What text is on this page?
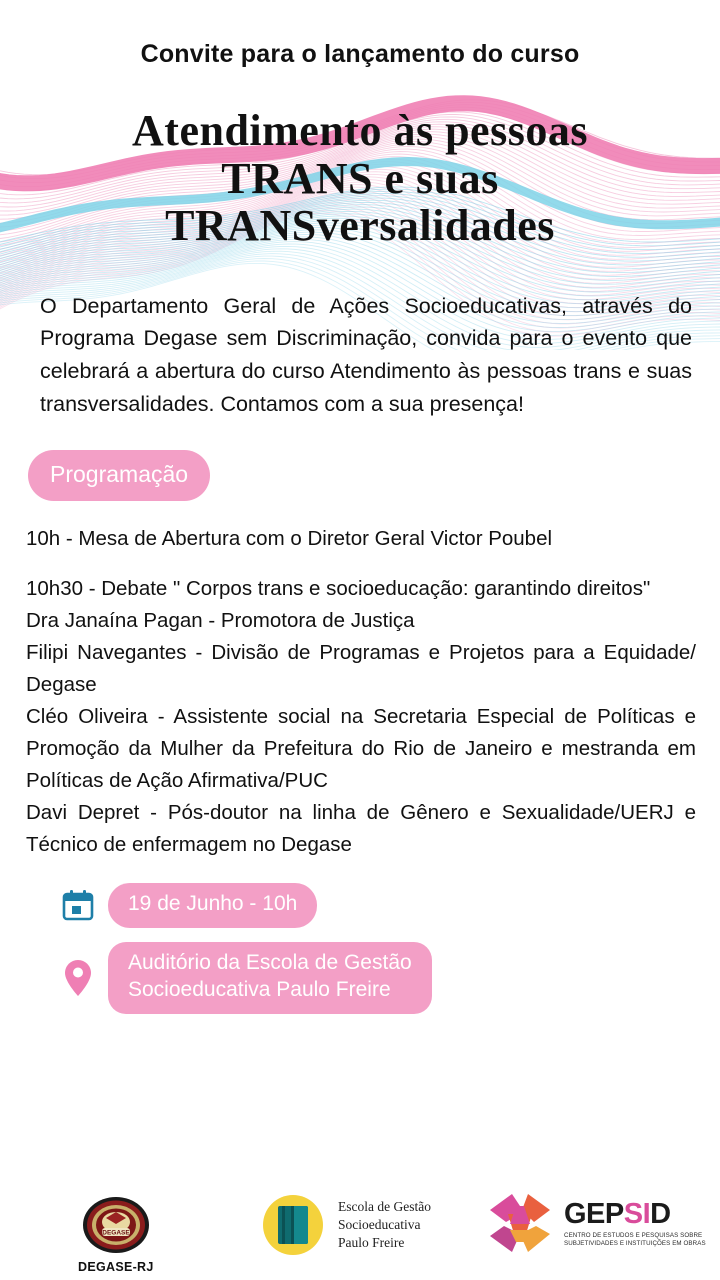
Convite para o lançamento do curso
Atendimento às pessoas
TRANS e suas
TRANSversalidades

O Departamento Geral de Ações Socioeducativas, através do Programa Degase sem Discriminação, convida para o evento que celebrará a abertura do curso Atendimento às pessoas trans e suas transversalidades. Contamos com a sua presença!

Programação
10h - Mesa de Abertura com o Diretor Geral Victor Poubel
10h30 - Debate " Corpos trans e socioeducação: garantindo direitos"
Dra Janaína Pagan - Promotora de Justiça
Filipi Navegantes - Divisão de Programas e Projetos para a Equidade/ Degase
Cléo Oliveira - Assistente social na Secretaria Especial de Políticas e Promoção da Mulher da Prefeitura do Rio de Janeiro e mestranda em Políticas de Ação Afirmativa/PUC
Davi Depret - Pós-doutor na linha de Gênero e Sexualidade/UERJ e Técnico de enfermagem no Degase
19 de Junho - 10h
Auditório da Escola de Gestão
Socioeducativa Paulo Freire
DEGASE
DEGASE-RJ
Escola de Gestão
Socioeducativa
Paulo Freire
GEPSID
CENTRO DE ESTUDOS E PESQUISAS SOBRE SUBJETIVIDADES E INSTITUIÇÕES EM OBRAS
